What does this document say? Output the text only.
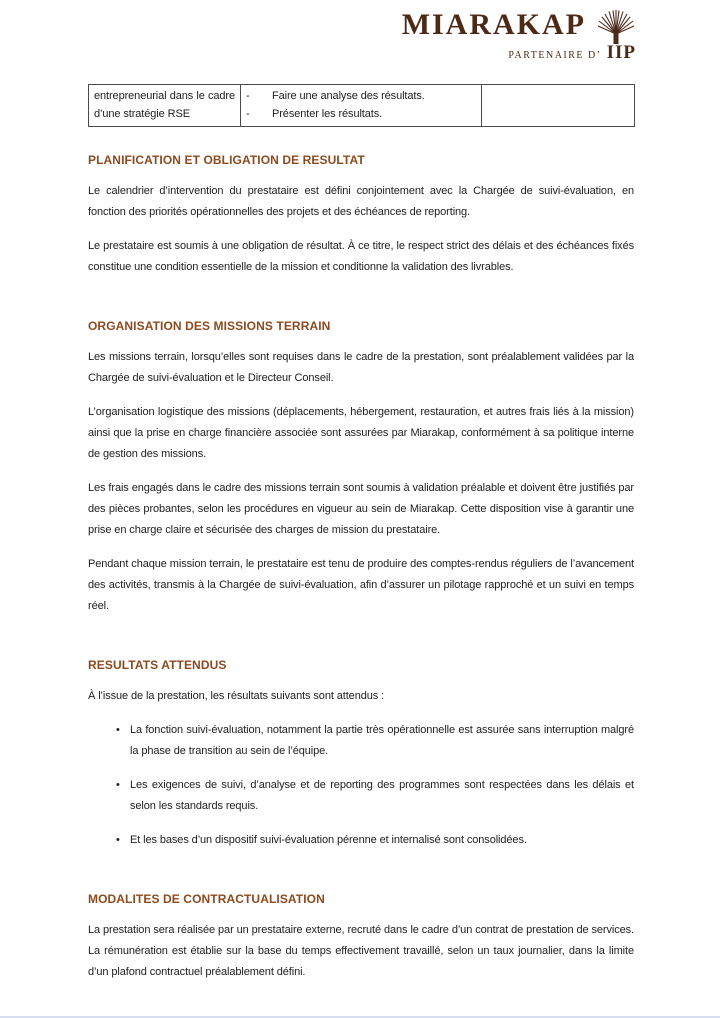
MIARAKAP
PARTENAIRE D’ IIP
entrepreneurial dans le cadre d’une stratégie RSE	
-	Faire une analyse des résultats.
-	Présenter les résultats.

PLANIFICATION ET OBLIGATION DE RESULTAT

Le calendrier d’intervention du prestataire est défini conjointement avec la Chargée de suivi-évaluation, en fonction des priorités opérationnelles des projets et des échéances de reporting.

Le prestataire est soumis à une obligation de résultat. À ce titre, le respect strict des délais et des échéances fixés constitue une condition essentielle de la mission et conditionne la validation des livrables.

ORGANISATION DES MISSIONS TERRAIN

Les missions terrain, lorsqu’elles sont requises dans le cadre de la prestation, sont préalablement validées par la Chargée de suivi-évaluation et le Directeur Conseil.

L’organisation logistique des missions (déplacements, hébergement, restauration, et autres frais liés à la mission) ainsi que la prise en charge financière associée sont assurées par Miarakap, conformément à sa politique interne de gestion des missions.

Les frais engagés dans le cadre des missions terrain sont soumis à validation préalable et doivent être justifiés par des pièces probantes, selon les procédures en vigueur au sein de Miarakap. Cette disposition vise à garantir une prise en charge claire et sécurisée des charges de mission du prestataire.

Pendant chaque mission terrain, le prestataire est tenu de produire des comptes-rendus réguliers de l’avancement des activités, transmis à la Chargée de suivi-évaluation, afin d’assurer un pilotage rapproché et un suivi en temps réel.

RESULTATS ATTENDUS

À l’issue de la prestation, les résultats suivants sont attendus :

• La fonction suivi-évaluation, notamment la partie très opérationnelle est assurée sans interruption malgré la phase de transition au sein de l’équipe.
• Les exigences de suivi, d’analyse et de reporting des programmes sont respectées dans les délais et selon les standards requis.
• Et les bases d’un dispositif suivi-évaluation pérenne et internalisé sont consolidées.
MODALITES DE CONTRACTUALISATION

La prestation sera réalisée par un prestataire externe, recruté dans le cadre d’un contrat de prestation de services. La rémunération est établie sur la base du temps effectivement travaillé, selon un taux journalier, dans la limite d’un plafond contractuel préalablement défini.
